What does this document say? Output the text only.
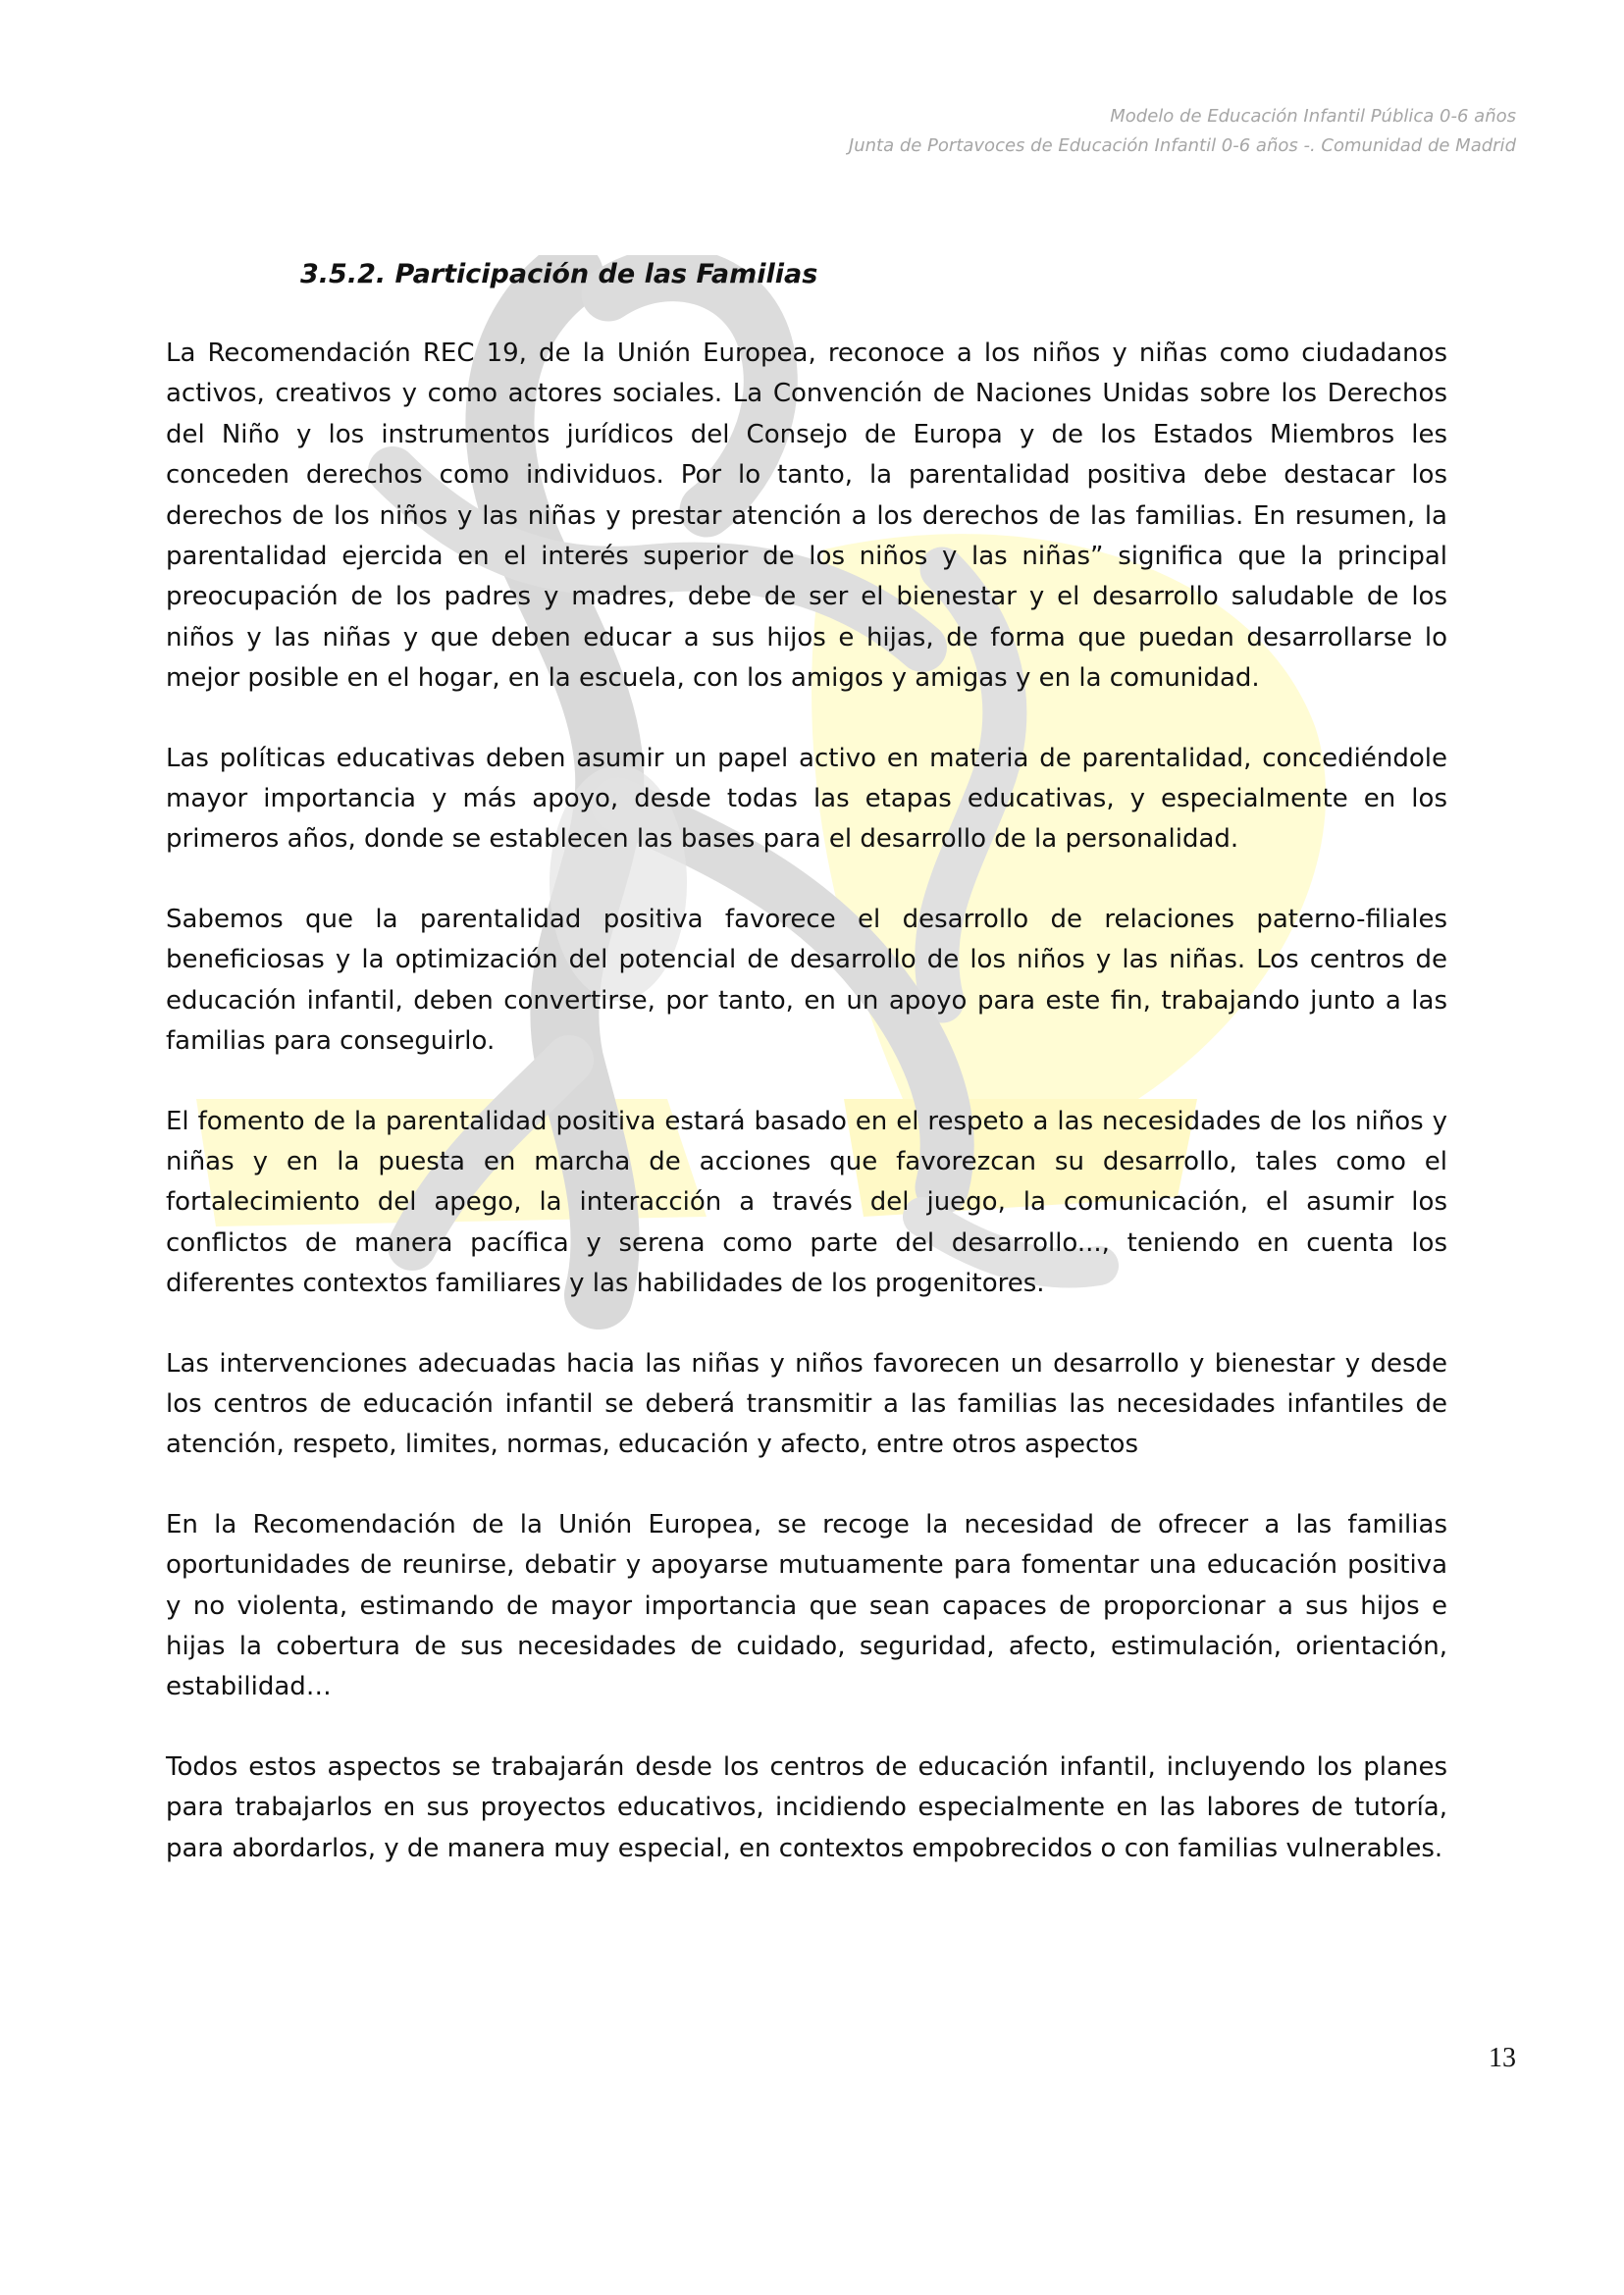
Modelo de Educación Infantil Pública 0-6 años
Junta de Portavoces de Educación Infantil 0-6 años -. Comunidad de Madrid
3.5.2. Participación de las Familias

La Recomendación REC 19, de la Unión Europea, reconoce a los niños y niñas como ciudadanos activos, creativos y como actores sociales. La Convención de Naciones Unidas sobre los Derechos del Niño y los instrumentos jurídicos del Consejo de Europa y de los Estados Miembros les conceden derechos como individuos. Por lo tanto, la parentalidad positiva debe destacar los derechos de los niños y las niñas y prestar atención a los derechos de las familias. En resumen, la parentalidad ejercida en el interés superior de los niños y las niñas” significa que la principal preocupación de los padres y madres, debe de ser el bienestar y el desarrollo saludable de los niños y las niñas y que deben educar a sus hijos e hijas, de forma que puedan desarrollarse lo mejor posible en el hogar, en la escuela, con los amigos y amigas y en la comunidad.

Las políticas educativas deben asumir un papel activo en materia de parentalidad, concediéndole mayor importancia y más apoyo, desde todas las etapas educativas, y especialmente en los primeros años, donde se establecen las bases para el desarrollo de la personalidad.

Sabemos que la parentalidad positiva favorece el desarrollo de relaciones paterno-filiales beneficiosas y la optimización del potencial de desarrollo de los niños y las niñas. Los centros de educación infantil, deben convertirse, por tanto, en un apoyo para este fin, trabajando junto a las familias para conseguirlo.

El fomento de la parentalidad positiva estará basado en el respeto a las necesidades de los niños y niñas y en la puesta en marcha de acciones que favorezcan su desarrollo, tales como el fortalecimiento del apego, la interacción a través del juego, la comunicación, el asumir los conflictos de manera pacífica y serena como parte del desarrollo..., teniendo en cuenta los diferentes contextos familiares y las habilidades de los progenitores.

Las intervenciones adecuadas hacia las niñas y niños favorecen un desarrollo y bienestar y desde los centros de educación infantil se deberá transmitir a las familias las necesidades infantiles de atención, respeto, limites, normas, educación y afecto, entre otros aspectos

En la Recomendación de la Unión Europea, se recoge la necesidad de ofrecer a las familias oportunidades de reunirse, debatir y apoyarse mutuamente para fomentar una educación positiva y no violenta, estimando de mayor importancia que sean capaces de proporcionar a sus hijos e hijas la cobertura de sus necesidades de cuidado, seguridad, afecto, estimulación, orientación, estabilidad…

Todos estos aspectos se trabajarán desde los centros de educación infantil, incluyendo los planes para trabajarlos en sus proyectos educativos, incidiendo especialmente en las labores de tutoría, para abordarlos, y de manera muy especial, en contextos empobrecidos o con familias vulnerables.

13
